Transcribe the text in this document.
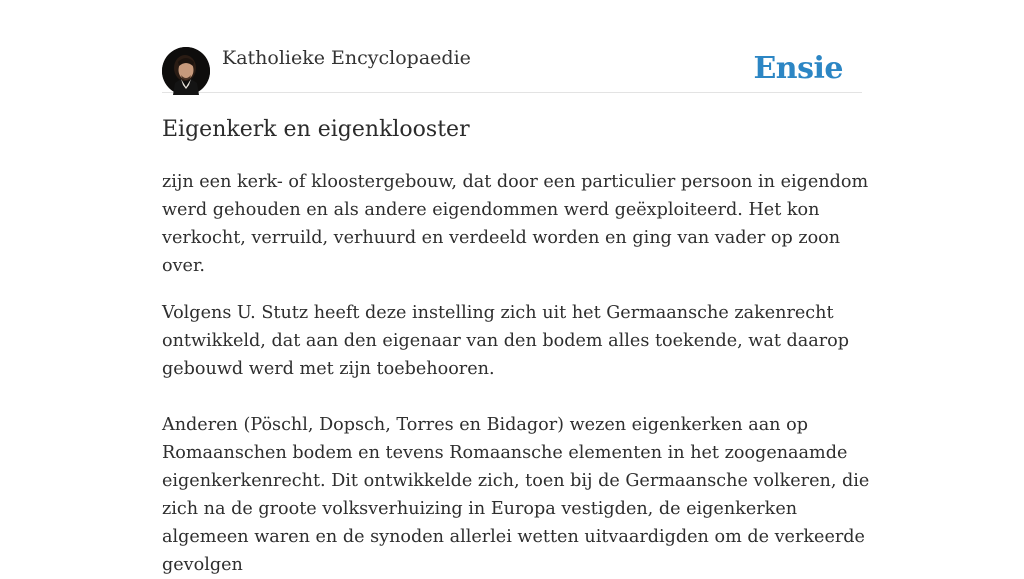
Katholieke Encyclopaedie	Ensie
Eigenkerk en eigenklooster

zijn een kerk- of kloostergebouw, dat door een particulier persoon in eigendom werd gehouden en als andere eigendommen werd geëxploiteerd. Het kon verkocht, verruild, verhuurd en verdeeld worden en ging van vader op zoon over.

Volgens U. Stutz heeft deze instelling zich uit het Germaansche zakenrecht ontwikkeld, dat aan den eigenaar van den bodem alles toekende, wat daarop gebouwd werd met zijn toebehooren.

Anderen (Pöschl, Dopsch, Torres en Bidagor) wezen eigenkerken aan op Romaanschen bodem en tevens Romaansche elementen in het zoogenaamde eigenkerkenrecht. Dit ontwikkelde zich, toen bij de Germaansche volkeren, die zich na de groote volksverhuizing in Europa vestigden, de eigenkerken algemeen waren en de synoden allerlei wetten uitvaardigden om de verkeerde gevolgen
